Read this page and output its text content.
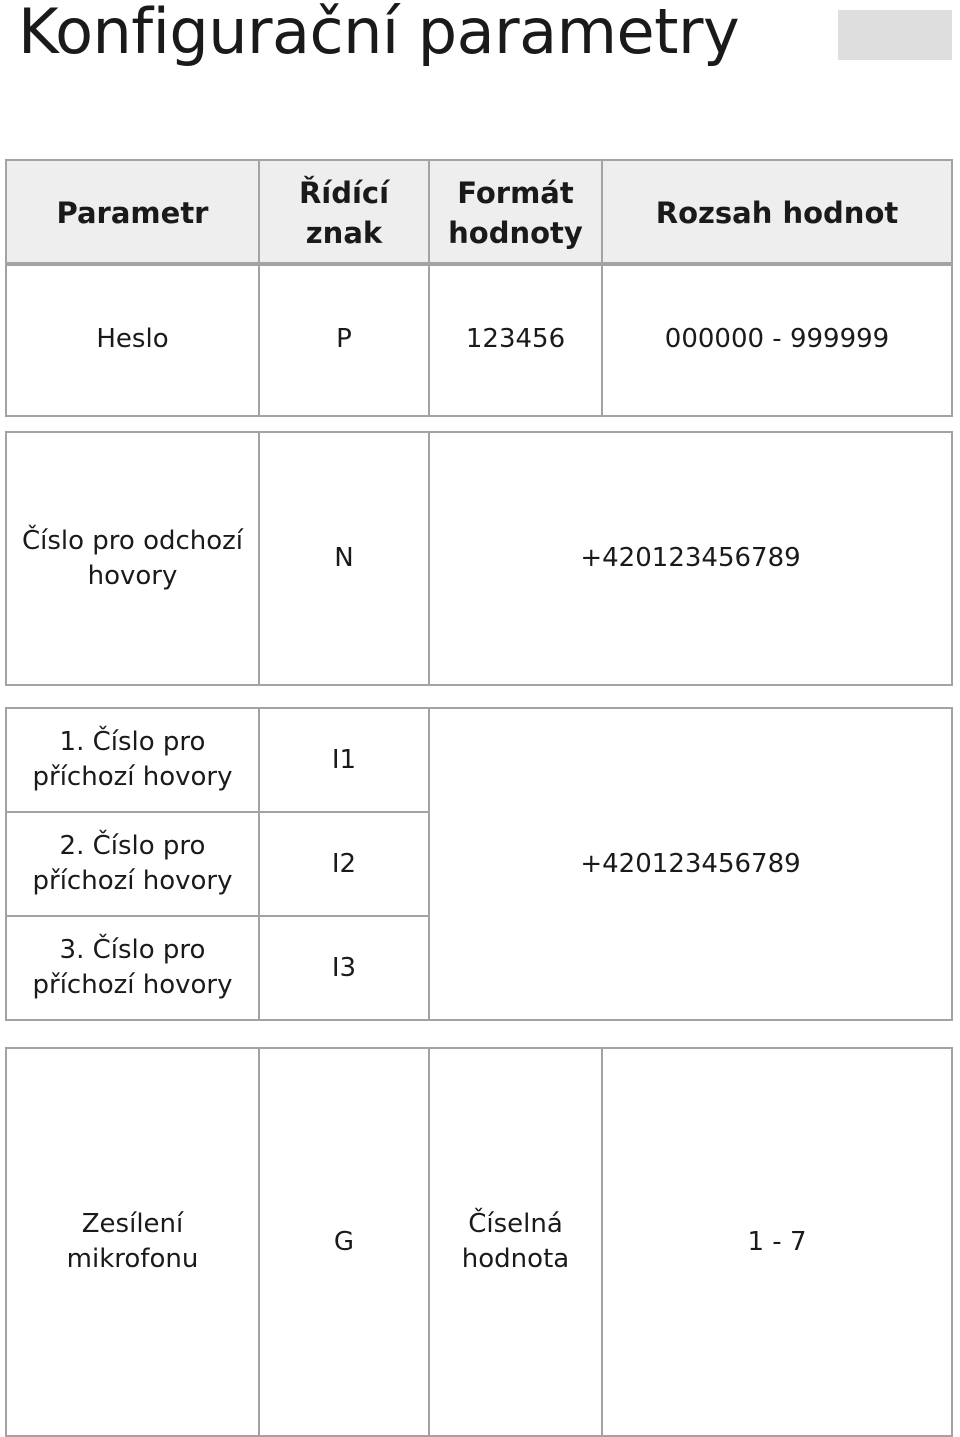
Konfigurační parametry
Parametr	Řídící znak	Formát hodnoty	Rozsah hodnot
Heslo	P	123456	000000 - 999999
Číslo pro odchozí hovory	N	+420123456789
1. Číslo pro příchozí hovory	I1	+420123456789
2. Číslo pro příchozí hovory	I2	
3. Číslo pro příchozí hovory	I3	
Zesílení mikrofonu	G	Číselná hodnota	1 - 7
